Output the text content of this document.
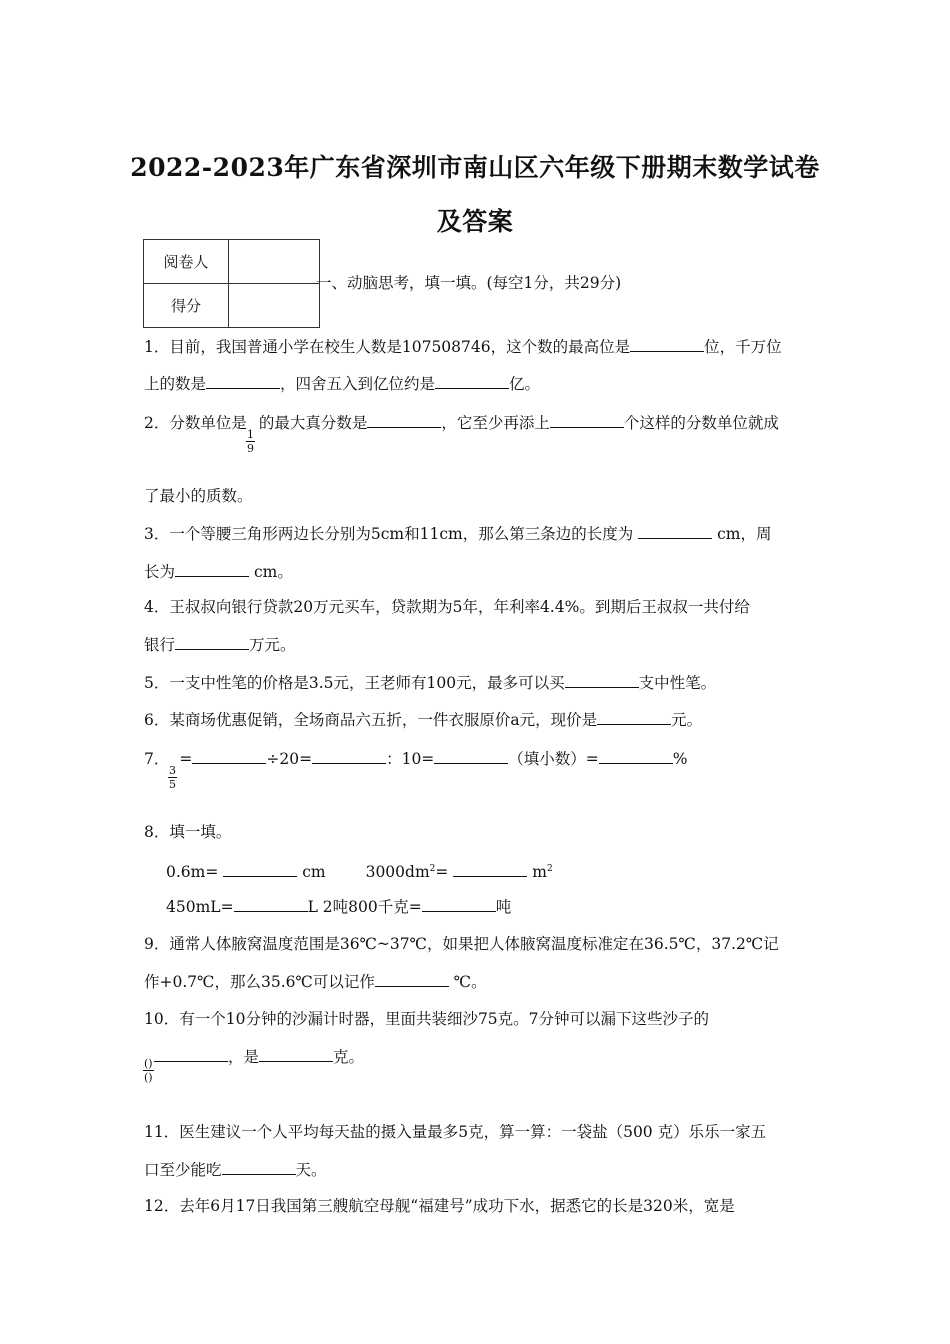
2022-2023年广东省深圳市南山区六年级下册期末数学试卷
及答案
阅卷人	
得分	
一、动脑思考，填一填。(每空1分，共29分)
1．目前，我国普通小学在校生人数是107508746，这个数的最高位是	位，千万位
上的数是	，四舍五入到亿位约是	亿。
2．分数单位是 的最大真分数是	，它至少再添上	个这样的分数单位就成
$\frac{1}{9}$
了最小的质数。
3．一个等腰三角形两边长分别为5cm和11cm，那么第三条边的长度为	cm，周
长为	cm。
4．王叔叔向银行贷款20万元买车，贷款期为5年，年利率4.4%。到期后王叔叔一共付给
银行	万元。
5．一支中性笔的价格是3.5元，王老师有100元，最多可以买	支中性笔。
6．某商场优惠促销，全场商品六五折，一件衣服原价a元，现价是	元。
7． =	÷20=	：10=	（填小数）=	%
$\frac{3}{5}$
8．填一填。
0.6m=	cm	$3000dm^2=$	$m^2$
450mL=	L 2吨800千克=	吨
9．通常人体腋窝温度范围是36℃~37℃，如果把人体腋窝温度标准定在36.5℃，37.2℃记
作+0.7℃，那么35.6℃可以记作	℃。
10．有一个10分钟的沙漏计时器，里面共装细沙75克。7分钟可以漏下这些沙子的
，是	克。
()
()
11．医生建议一个人平均每天盐的摄入量最多5克，算一算：一袋盐（500 克）乐乐一家五
口至少能吃	天。
12．去年6月17日我国第三艘航空母舰“福建号”成功下水，据悉它的长是320米，宽是
